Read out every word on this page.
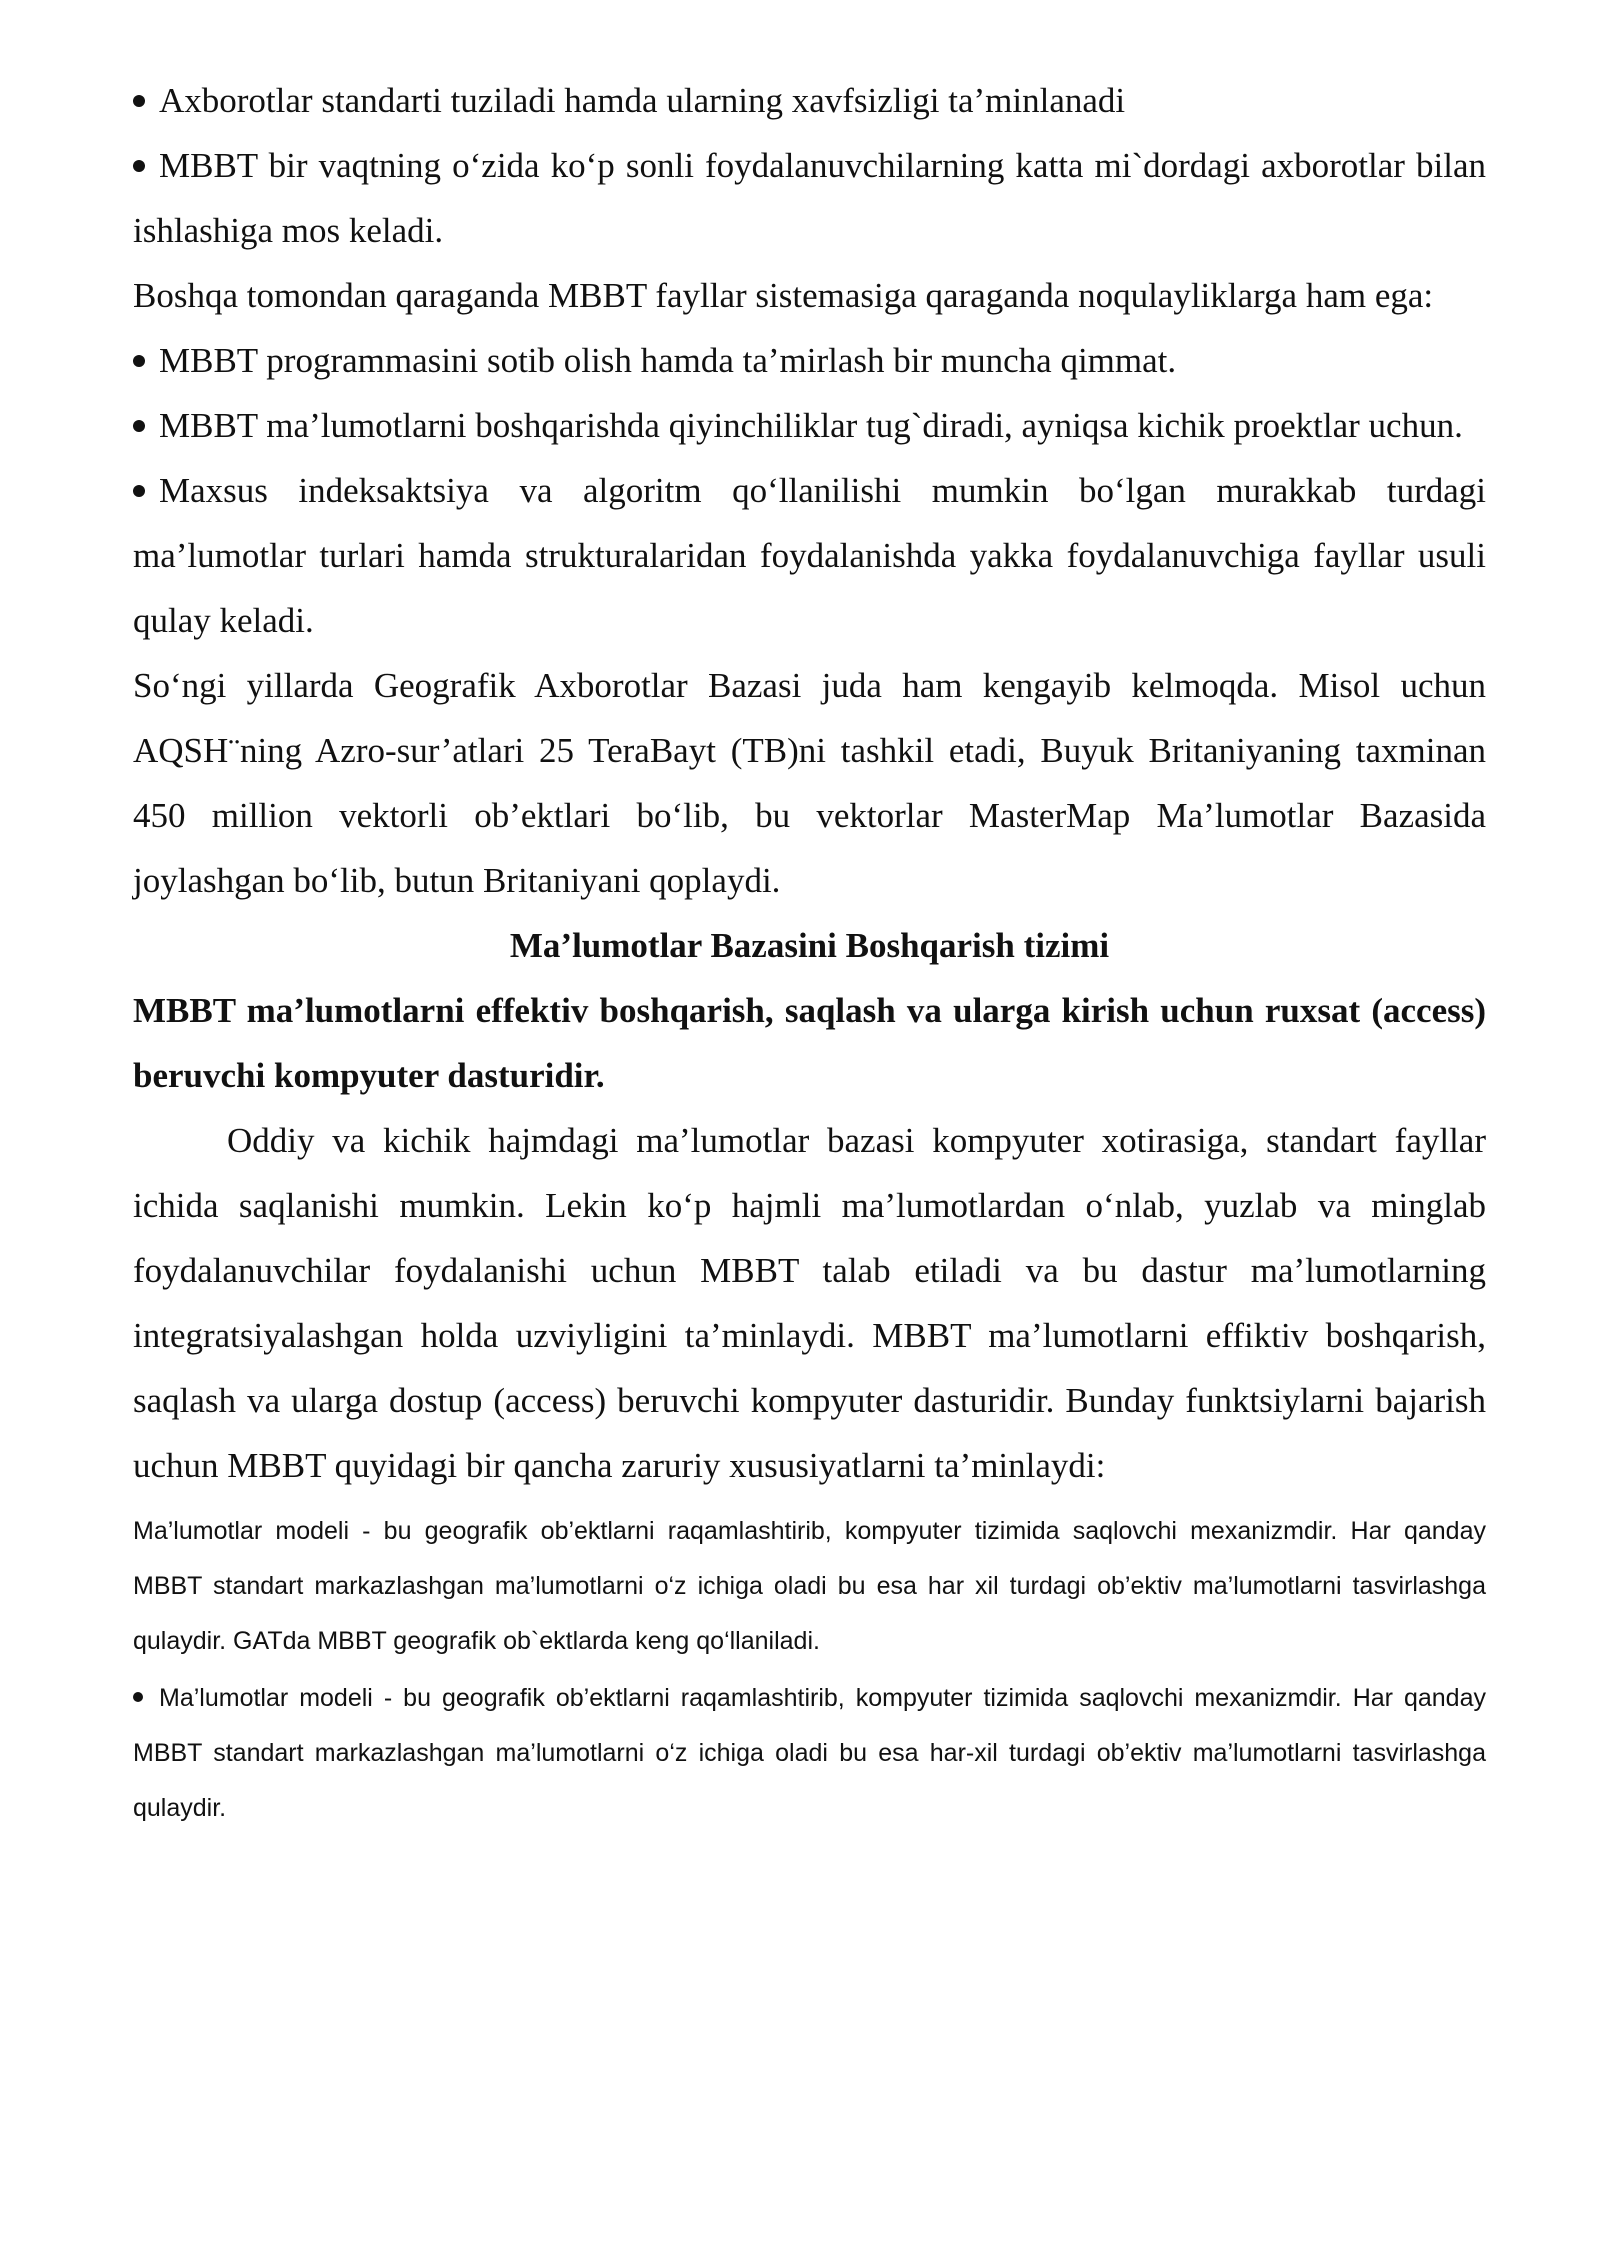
Axborotlar standarti tuziladi hamda ularning xavfsizligi ta’minlanadi

MBBT bir vaqtning o‘zida ko‘p sonli foydalanuvchilarning katta mi`dordagi axborotlar bilan ishlashiga mos keladi.

Boshqa tomondan qaraganda MBBT fayllar sistemasiga qaraganda noqulayliklarga ham ega:

MBBT programmasini sotib olish hamda ta’mirlash bir muncha qimmat.

MBBT ma’lumotlarni boshqarishda qiyinchiliklar tug`diradi, ayniqsa kichik proektlar uchun.

Maxsus indeksaktsiya va algoritm qo‘llanilishi mumkin bo‘lgan murakkab turdagi ma’lumotlar turlari hamda strukturalaridan foydalanishda yakka foydalanuvchiga fayllar usuli qulay keladi.

So‘ngi yillarda Geografik Axborotlar Bazasi juda ham kengayib kelmoqda. Misol uchun AQSH¨ning Azro-sur’atlari 25 TeraBayt (TB)ni tashkil etadi, Buyuk Britaniyaning taxminan 450 million vektorli ob’ektlari bo‘lib, bu vektorlar MasterMap Ma’lumotlar Bazasida joylashgan bo‘lib, butun Britaniyani qoplaydi.

Ma’lumotlar Bazasini Boshqarish tizimi

MBBT ma’lumotlarni effektiv boshqarish, saqlash va ularga kirish uchun ruxsat (access) beruvchi kompyuter dasturidir.

Oddiy va kichik hajmdagi ma’lumotlar bazasi kompyuter xotirasiga, standart fayllar ichida saqlanishi mumkin. Lekin ko‘p hajmli ma’lumotlardan o‘nlab, yuzlab va minglab foydalanuvchilar foydalanishi uchun MBBT talab etiladi va bu dastur ma’lumotlarning integratsiyalashgan holda uzviyligini ta’minlaydi. MBBT ma’lumotlarni effiktiv boshqarish, saqlash va ularga dostup (access) beruvchi kompyuter dasturidir. Bunday funktsiylarni bajarish uchun MBBT quyidagi bir qancha zaruriy xususiyatlarni ta’minlaydi:

Ma’lumotlar modeli - bu geografik ob’ektlarni raqamlashtirib, kompyuter tizimida saqlovchi mexanizmdir. Har qanday MBBT standart markazlashgan ma’lumotlarni o‘z ichiga oladi bu esa har xil turdagi ob’ektiv ma’lumotlarni tasvirlashga qulaydir. GATda MBBT geografik ob`ektlarda keng qo‘llaniladi.

Ma’lumotlar modeli - bu geografik ob’ektlarni raqamlashtirib, kompyuter tizimida saqlovchi mexanizmdir. Har qanday MBBT standart markazlashgan ma’lumotlarni o‘z ichiga oladi bu esa har-xil turdagi ob’ektiv ma’lumotlarni tasvirlashga qulaydir.
